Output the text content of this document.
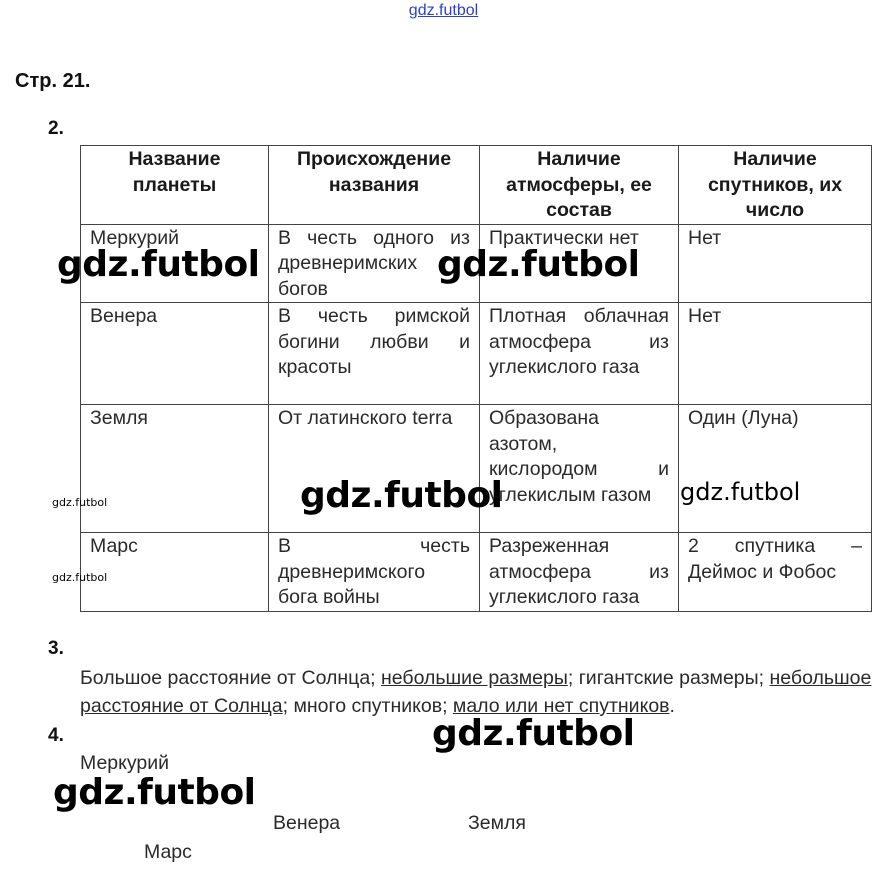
gdz.futbol
Стр. 21.
2.
Название планеты	Происхождение названия	Наличие атмосферы, ее состав	Наличие спутников, их число
Меркурий	В честь одного из древнеримских богов	Практически нет	Нет
Венера	В честь римской богини любви и красоты	Плотная облачная атмосфера из углекислого газа	Нет
Земля	От латинского terra	Образована азотом, кислородом и углекислым газом	Один (Луна)
Марс	В честь древнеримского бога войны	Разреженная атмосфера из углекислого газа	2 спутника – Деймос и Фобос
3.
Большое расстояние от Солнца; небольшие размеры; гигантские размеры; небольшое расстояние от Солнца; много спутников; мало или нет спутников.
4.
Меркурий
Венера	Земля
Марс
gdz.futbol	gdz.futbol
gdz.futbol	gdz.futbol
gdz.futbol
gdz.futbol
gdz.futbol
gdz.futbol
